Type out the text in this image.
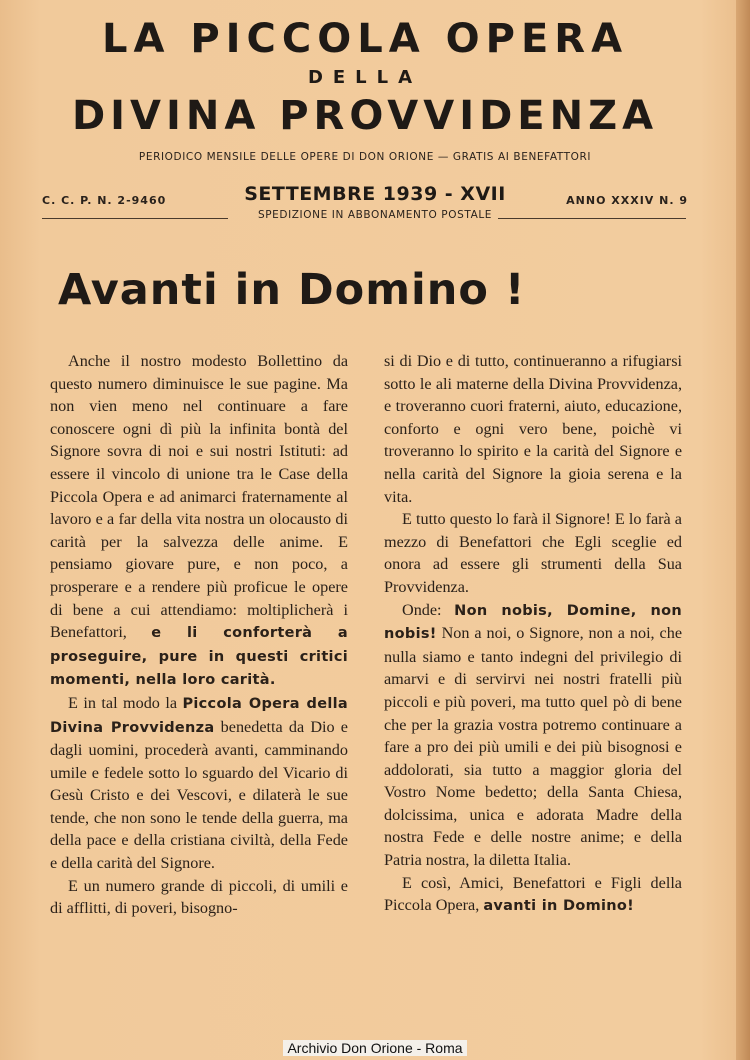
LA PICCOLA OPERA
DELLA
DIVINA PROVVIDENZA
PERIODICO MENSILE DELLE OPERE DI DON ORIONE — GRATIS AI BENEFATTORI
C. C. P. N. 2-9460	SETTEMBRE 1939 - XVII
SPEDIZIONE IN ABBONAMENTO POSTALE
ANNO XXXIV N. 9
Avanti in Domino !

Anche il nostro modesto Bollettino da questo numero diminuisce le sue pagine. Ma non vien meno nel continuare a fare conoscere ogni dì più la infinita bontà del Signore sovra di noi e sui nostri Istituti: ad essere il vincolo di unione tra le Case della Piccola Opera e ad animarci fraternamente al lavoro e a far della vita nostra un olocausto di carità per la salvezza delle anime. E pensiamo giovare pure, e non poco, a prosperare e a rendere più proficue le opere di bene a cui attendiamo: moltiplicherà i Benefattori, e li conforterà a proseguire, pure in questi critici momenti, nella loro carità.

E in tal modo la Piccola Opera della Divina Provvidenza benedetta da Dio e dagli uomini, procederà avanti, camminando umile e fedele sotto lo sguardo del Vicario di Gesù Cristo e dei Vescovi, e dilaterà le sue tende, che non sono le tende della guerra, ma della pace e della cristiana civiltà, della Fede e della carità del Signore.

E un numero grande di piccoli, di umili e di afflitti, di poveri, bisogno-

si di Dio e di tutto, continueranno a rifugiarsi sotto le ali materne della Divina Provvidenza, e troveranno cuori fraterni, aiuto, educazione, conforto e ogni vero bene, poichè vi troveranno lo spirito e la carità del Signore e nella carità del Signore la gioia serena e la vita.

E tutto questo lo farà il Signore! E lo farà a mezzo di Benefattori che Egli sceglie ed onora ad essere gli strumenti della Sua Provvidenza.

Onde: Non nobis, Domine, non nobis! Non a noi, o Signore, non a noi, che nulla siamo e tanto indegni del privilegio di amarvi e di servirvi nei nostri fratelli più piccoli e più poveri, ma tutto quel pò di bene che per la grazia vostra potremo continuare a fare a pro dei più umili e dei più bisognosi e addolorati, sia tutto a maggior gloria del Vostro Nome bedetto; della Santa Chiesa, dolcissima, unica e adorata Madre della nostra Fede e delle nostre anime; e della Patria nostra, la diletta Italia.

E così, Amici, Benefattori e Figli della Piccola Opera, avanti in Domino!

Archivio Don Orione - Roma
